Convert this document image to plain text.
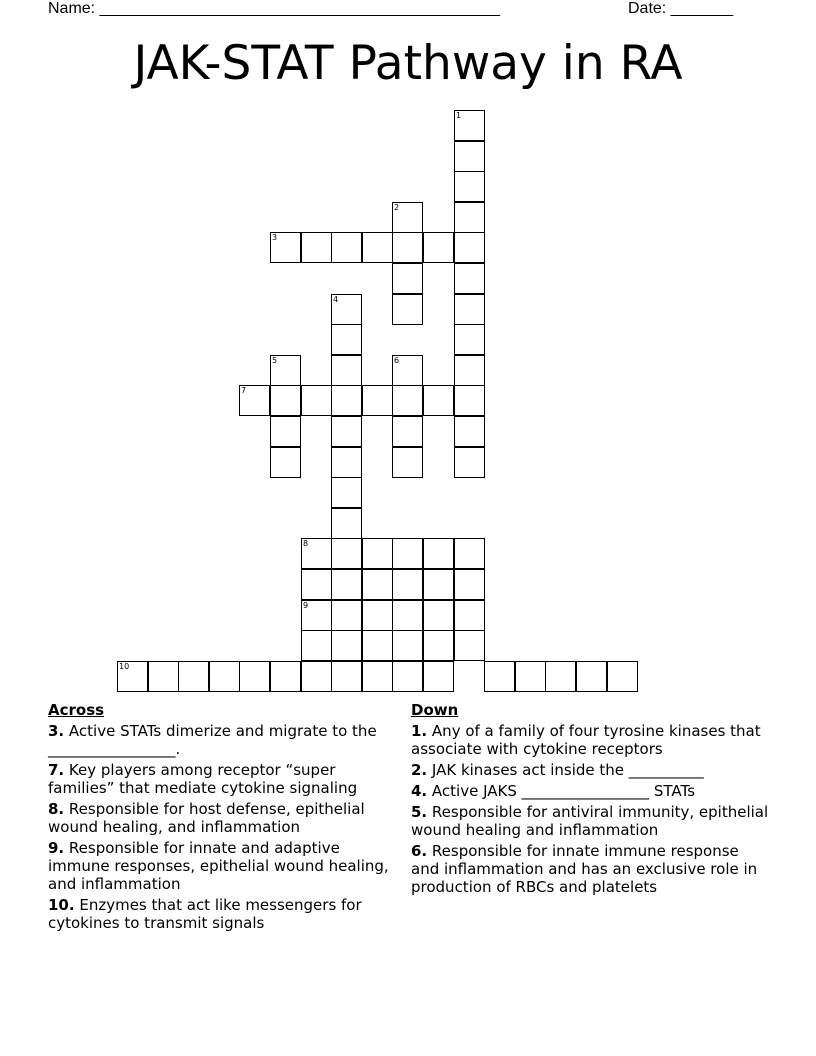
Name: _____________________________________________	Date: _______
JAK-STAT Pathway in RA
1
2
3
4
5	6
7
8
9
10
Across
3. Active STATs dimerize and migrate to the _________________.
7. Key players among receptor “super families” that mediate cytokine signaling
8. Responsible for host defense, epithelial wound healing, and inflammation
9. Responsible for innate and adaptive immune responses, epithelial wound healing, and inflammation
10. Enzymes that act like messengers for cytokines to transmit signals
Down
1. Any of a family of four tyrosine kinases that associate with cytokine receptors
2. JAK kinases act inside the __________
4. Active JAKS _________________ STATs
5. Responsible for antiviral immunity, epithelial wound healing and inflammation
6. Responsible for innate immune response and inflammation and has an exclusive role in production of RBCs and platelets
